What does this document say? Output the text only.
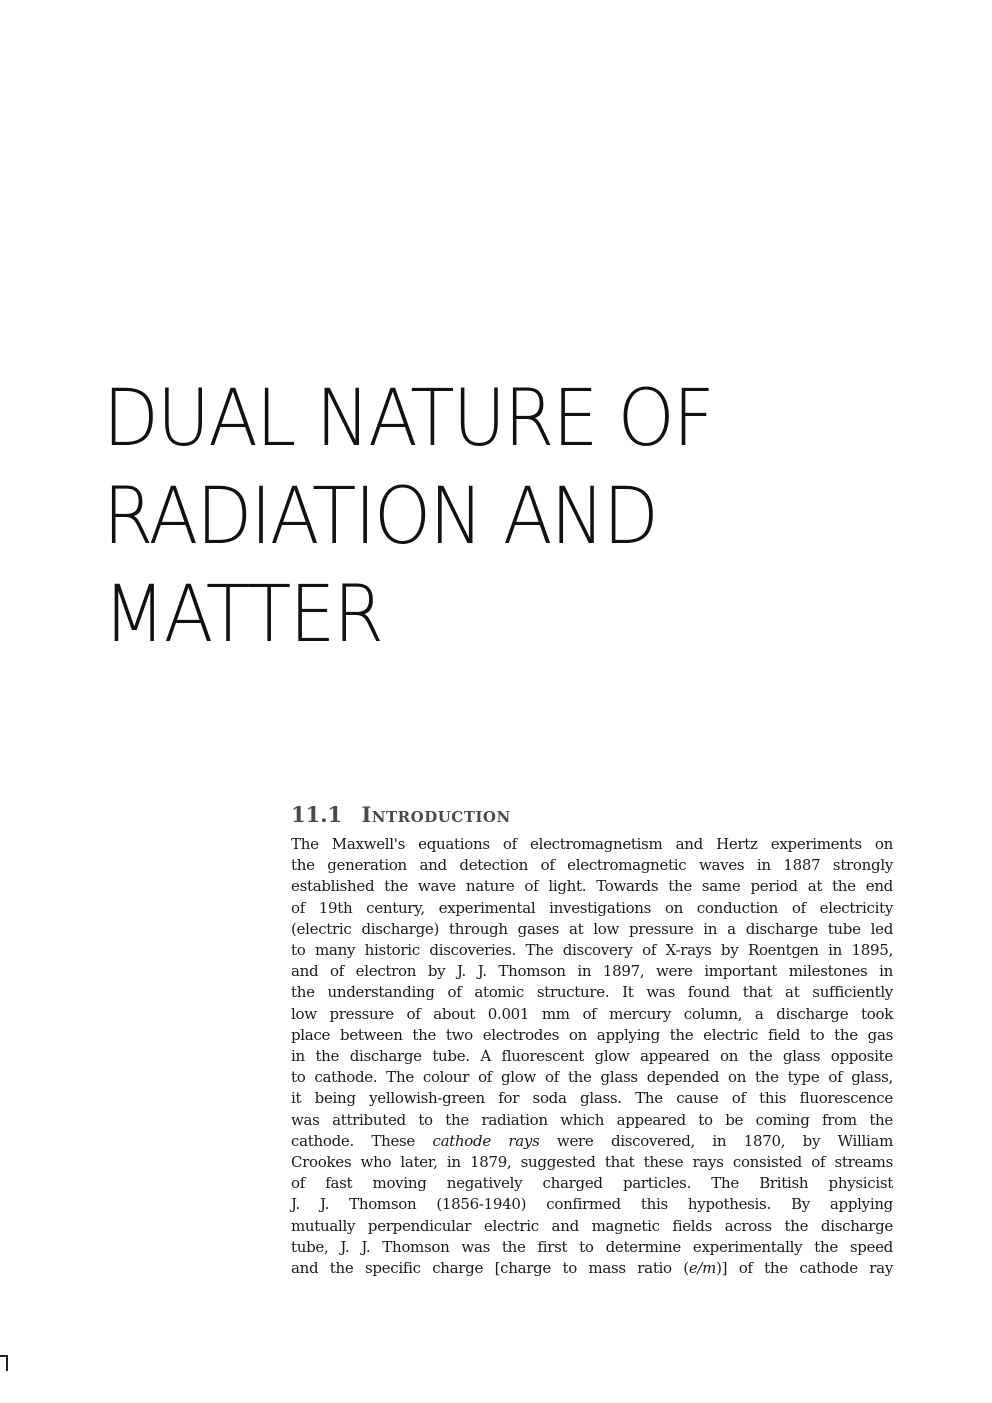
DUAL NATURE OF
RADIATION AND
MATTER
11.1 Introduction
The Maxwell's equations of electromagnetism and Hertz experiments on
the generation and detection of electromagnetic waves in 1887 strongly
established the wave nature of light. Towards the same period at the end
of 19th century, experimental investigations on conduction of electricity
(electric discharge) through gases at low pressure in a discharge tube led
to many historic discoveries. The discovery of X-rays by Roentgen in 1895,
and of electron by J. J. Thomson in 1897, were important milestones in
the understanding of atomic structure. It was found that at sufficiently
low pressure of about 0.001 mm of mercury column, a discharge took
place between the two electrodes on applying the electric field to the gas
in the discharge tube. A fluorescent glow appeared on the glass opposite
to cathode. The colour of glow of the glass depended on the type of glass,
it being yellowish-green for soda glass. The cause of this fluorescence
was attributed to the radiation which appeared to be coming from the
cathode. These cathode rays were discovered, in 1870, by William
Crookes who later, in 1879, suggested that these rays consisted of streams
of fast moving negatively charged particles. The British physicist
J. J. Thomson (1856-1940) confirmed this hypothesis. By applying
mutually perpendicular electric and magnetic fields across the discharge
tube, J. J. Thomson was the first to determine experimentally the speed
and the specific charge [charge to mass ratio (e/m)] of the cathode ray
